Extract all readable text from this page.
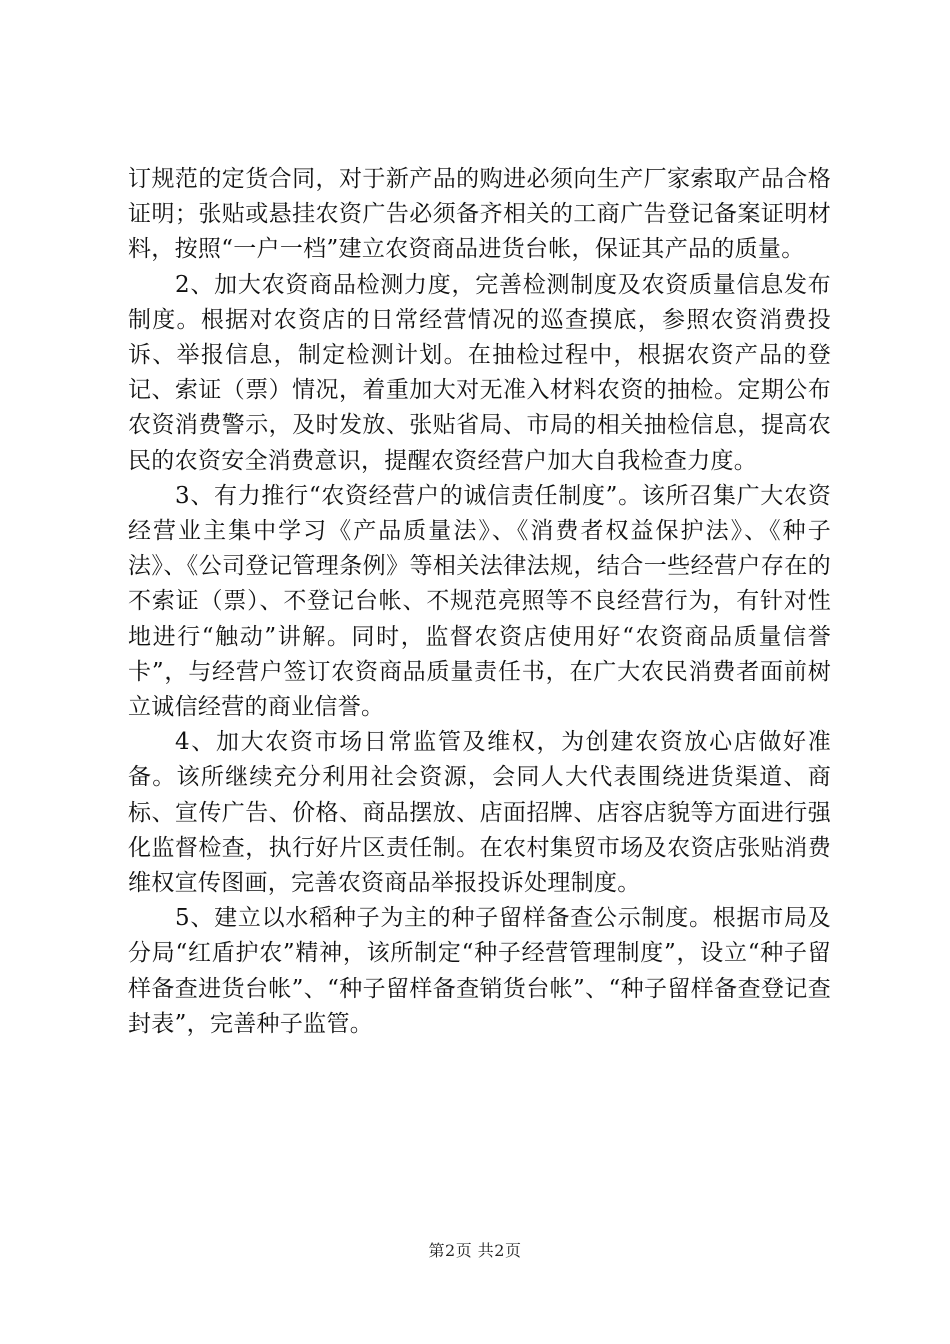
订规范的定货合同，对于新产品的购进必须向生产厂家索取产品合格证明；张贴或悬挂农资广告必须备齐相关的工商广告登记备案证明材料，按照“一户一档”建立农资商品进货台帐，保证其产品的质量。

2、加大农资商品检测力度，完善检测制度及农资质量信息发布制度。根据对农资店的日常经营情况的巡查摸底，参照农资消费投诉、举报信息，制定检测计划。在抽检过程中，根据农资产品的登记、索证（票）情况，着重加大对无准入材料农资的抽检。定期公布农资消费警示，及时发放、张贴省局、市局的相关抽检信息，提高农民的农资安全消费意识，提醒农资经营户加大自我检查力度。

3、有力推行“农资经营户的诚信责任制度”。该所召集广大农资经营业主集中学习《产品质量法》、《消费者权益保护法》、《种子法》、《公司登记管理条例》等相关法律法规，结合一些经营户存在的不索证（票）、不登记台帐、不规范亮照等不良经营行为，有针对性地进行“触动”讲解。同时，监督农资店使用好“农资商品质量信誉卡”，与经营户签订农资商品质量责任书，在广大农民消费者面前树立诚信经营的商业信誉。

4、加大农资市场日常监管及维权，为创建农资放心店做好准备。该所继续充分利用社会资源，会同人大代表围绕进货渠道、商标、宣传广告、价格、商品摆放、店面招牌、店容店貌等方面进行强化监督检查，执行好片区责任制。在农村集贸市场及农资店张贴消费维权宣传图画，完善农资商品举报投诉处理制度。

5、建立以水稻种子为主的种子留样备查公示制度。根据市局及分局“红盾护农”精神，该所制定“种子经营管理制度”，设立“种子留样备查进货台帐”、“种子留样备查销货台帐”、“种子留样备查登记查封表”，完善种子监管。

第2页 共2页
